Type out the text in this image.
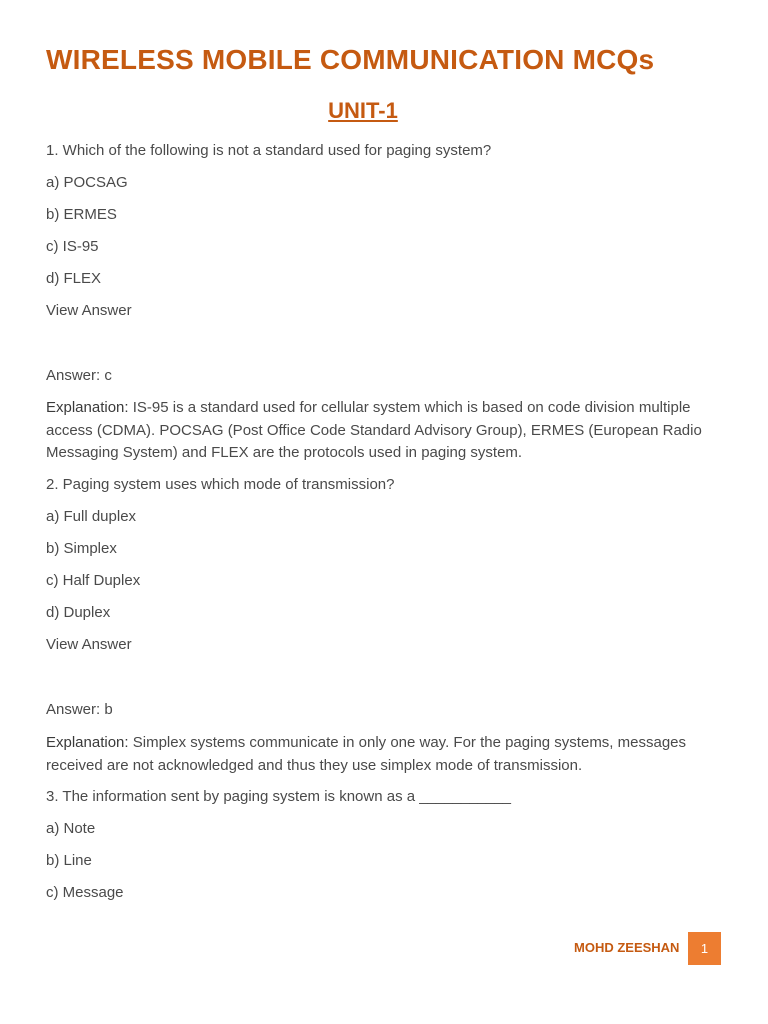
WIRELESS MOBILE COMMUNICATION MCQs
UNIT-1

1. Which of the following is not a standard used for paging system?

a) POCSAG

b) ERMES

c) IS-95

d) FLEX

View Answer

Answer: c

Explanation: IS-95 is a standard used for cellular system which is based on code division multiple access (CDMA). POCSAG (Post Office Code Standard Advisory Group), ERMES (European Radio Messaging System) and FLEX are the protocols used in paging system.

2. Paging system uses which mode of transmission?

a) Full duplex

b) Simplex

c) Half Duplex

d) Duplex

View Answer

Answer: b

Explanation: Simplex systems communicate in only one way. For the paging systems, messages received are not acknowledged and thus they use simplex mode of transmission.

3. The information sent by paging system is known as a ___________

a) Note

b) Line

c) Message

MOHD ZEESHAN	1
